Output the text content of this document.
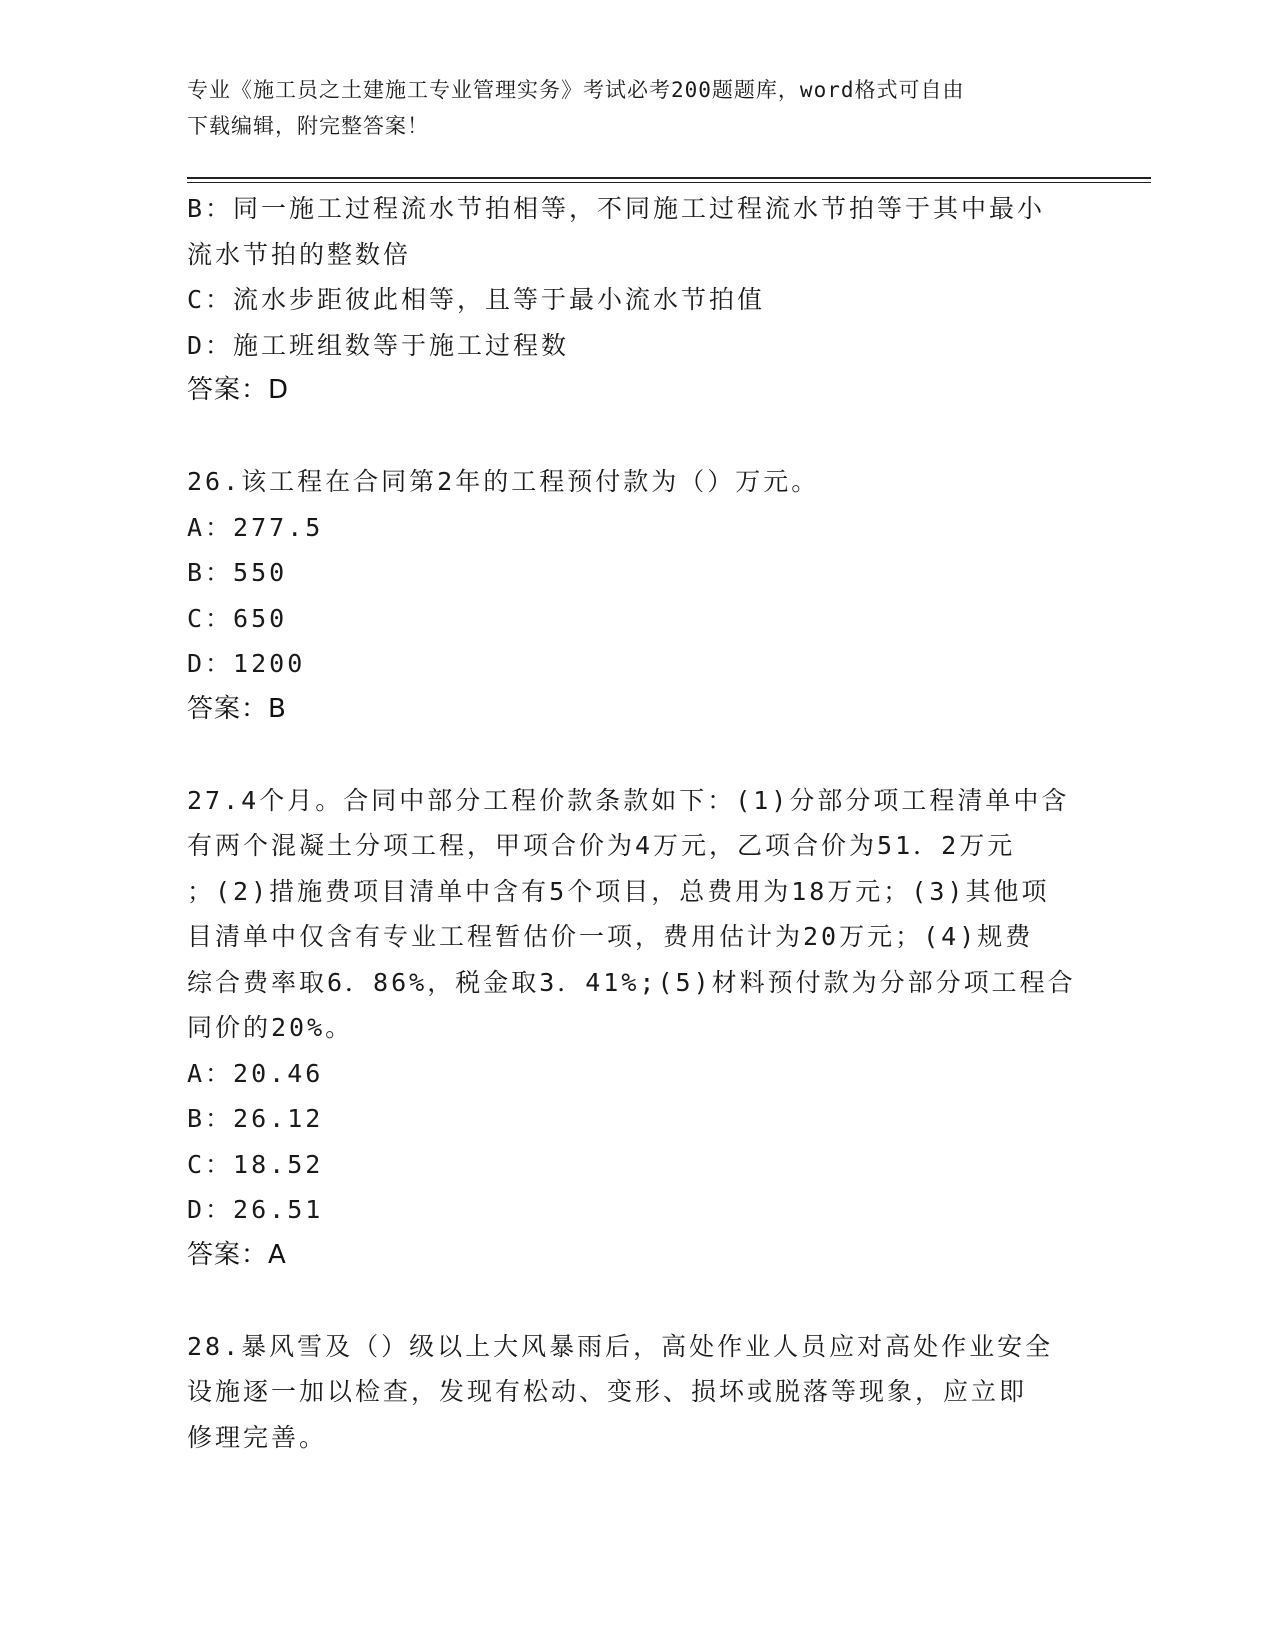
专业《施工员之土建施工专业管理实务》考试必考200题题库，word格式可自由
下载编辑，附完整答案！
B：同一施工过程流水节拍相等，不同施工过程流水节拍等于其中最小
流水节拍的整数倍
C：流水步距彼此相等，且等于最小流水节拍值
D：施工班组数等于施工过程数
答案：D
26.该工程在合同第2年的工程预付款为（）万元。
A：277.5
B：550
C：650
D：1200
答案：B
27.4个月。合同中部分工程价款条款如下：(1)分部分项工程清单中含
有两个混凝土分项工程，甲项合价为4万元，乙项合价为51．2万元
；(2)措施费项目清单中含有5个项目，总费用为18万元；(3)其他项
目清单中仅含有专业工程暂估价一项，费用估计为20万元；(4)规费
综合费率取6．86%，税金取3．41%;(5)材料预付款为分部分项工程合
同价的20%。
A：20.46
B：26.12
C：18.52
D：26.51
答案：A
28.暴风雪及（）级以上大风暴雨后，高处作业人员应对高处作业安全
设施逐一加以检查，发现有松动、变形、损坏或脱落等现象，应立即
修理完善。
